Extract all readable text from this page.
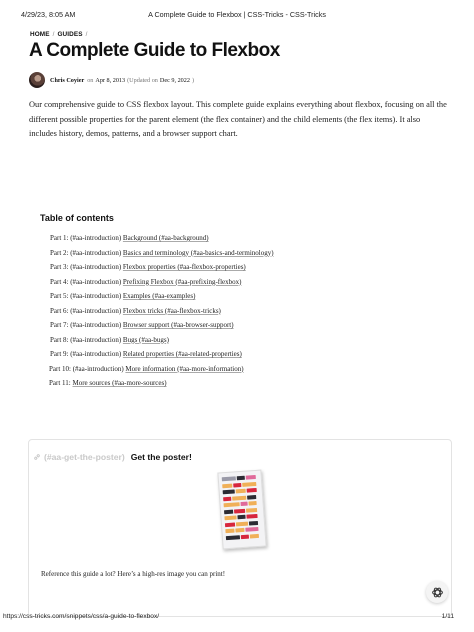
4/29/23, 8:05 AM	A Complete Guide to Flexbox | CSS-Tricks - CSS-Tricks
HOME / GUIDES /
A Complete Guide to Flexbox
Chris Coyier on Apr 8, 2013 (Updated on Dec 9, 2022 )

Our comprehensive guide to CSS flexbox layout. This complete guide explains everything about flexbox, focusing on all the different possible properties for the parent element (the flex container) and the child elements (the flex items). It also includes history, demos, patterns, and a browser support chart.

Table of contents
Part 1: (#aa-introduction) Background (#aa-background)
Part 2: (#aa-introduction) Basics and terminology (#aa-basics-and-terminology)
Part 3: (#aa-introduction) Flexbox properties (#aa-flexbox-properties)
Part 4: (#aa-introduction) Prefixing Flexbox (#aa-prefixing-flexbox)
Part 5: (#aa-introduction) Examples (#aa-examples)
Part 6: (#aa-introduction) Flexbox tricks (#aa-flexbox-tricks)
Part 7: (#aa-introduction) Browser support (#aa-browser-support)
Part 8: (#aa-introduction) Bugs (#aa-bugs)
Part 9: (#aa-introduction) Related properties (#aa-related-properties)
Part 10: (#aa-introduction) More information (#aa-more-information)
Part 11: More sources (#aa-more-sources)
(#aa-get-the-poster) Get the poster!

Reference this guide a lot? Here’s a high-res image you can print!

https://css-tricks.com/snippets/css/a-guide-to-flexbox/	1/11
